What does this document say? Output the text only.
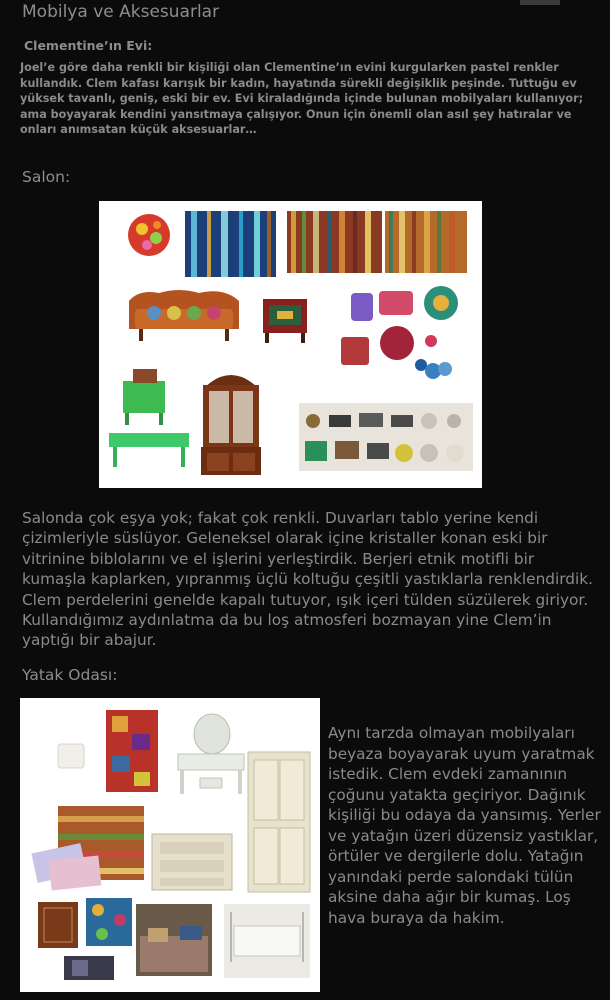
Mobilya ve Aksesuarlar
Clementine’ın Evi:

Joel’e göre daha renkli bir kişiliği olan Clementine’ın evini kurgularken pastel renkler kullandık. Clem kafası karışık bir kadın, hayatında sürekli değişiklik peşinde. Tuttuğu ev yüksek tavanlı, geniş, eski bir ev. Evi kiraladığında içinde bulunan mobilyaları kullanıyor; ama boyayarak kendini yansıtmaya çalışıyor. Onun için önemli olan asıl şey hatıralar ve onları anımsatan küçük aksesuarlar…

Salon:

Salonda çok eşya yok; fakat çok renkli. Duvarları tablo yerine kendi çizimleriyle süslüyor. Geleneksel olarak içine kristaller konan eski bir vitrinine biblolarını ve el işlerini yerleştirdik. Berjeri etnik motifli bir kumaşla kaplarken, yıpranmış üçlü koltuğu çeşitli yastıklarla renklendirdik. Clem perdelerini genelde kapalı tutuyor, ışık içeri tülden süzülerek giriyor. Kullandığımız aydınlatma da bu loş atmosferi bozmayan yine Clem’in yaptığı bir abajur.

Yatak Odası:

Aynı tarzda olmayan mobilyaları beyaza boyayarak uyum yaratmak istedik. Clem evdeki zamanının çoğunu yatakta geçiriyor. Dağınık kişiliği bu odaya da yansımış. Yerler ve yatağın üzeri düzensiz yastıklar, örtüler ve dergilerle dolu. Yatağın yanındaki perde salondaki tülün aksine daha ağır bir kumaş. Loş hava buraya da hakim.
